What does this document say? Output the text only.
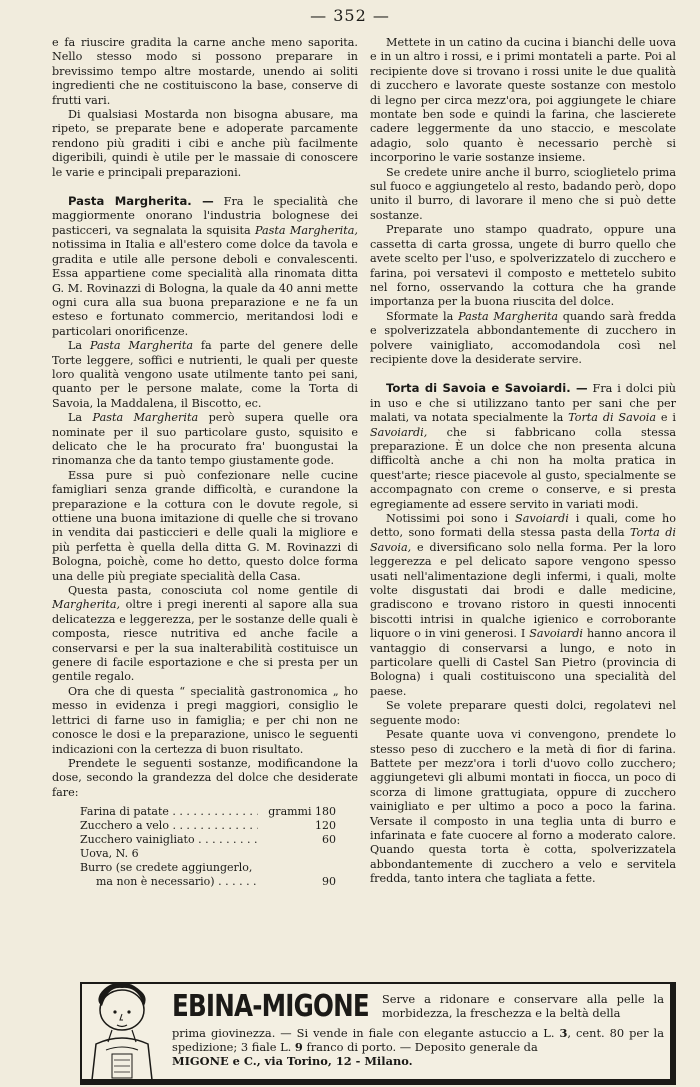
— 352 —

e fa riuscire gradita la carne anche meno saporita. Nello stesso modo si possono preparare in brevissimo tempo altre mostarde, unendo ai soliti ingredienti che ne costituiscono la base, conserve di frutti vari.

Di qualsiasi Mostarda non bisogna abusare, ma ripeto, se preparate bene e adoperate parcamente rendono più graditi i cibi e anche più facilmente digeribili, quindi è utile per le massaie di conoscere le varie e principali preparazioni.

Pasta Margherita. — Fra le specialità che maggiormente onorano l'industria bolognese dei pasticceri, va segnalata la squisita Pasta Margherita, notissima in Italia e all'estero come dolce da tavola e gradita e utile alle persone deboli e convalescenti. Essa appartiene come specialità alla rinomata ditta G. M. Rovinazzi di Bologna, la quale da 40 anni mette ogni cura alla sua buona preparazione e ne fa un esteso e fortunato commercio, meritandosi lodi e particolari onorificenze.

La Pasta Margherita fa parte del genere delle Torte leggere, soffici e nutrienti, le quali per queste loro qualità vengono usate utilmente tanto pei sani, quanto per le persone malate, come la Torta di Savoia, la Maddalena, il Biscotto, ec.

La Pasta Margherita però supera quelle ora nominate per il suo particolare gusto, squisito e delicato che le ha procurato fra' buongustai la rinomanza che da tanto tempo giustamente gode.

Essa pure si può confezionare nelle cucine famigliari senza grande difficoltà, e curandone la preparazione e la cottura con le dovute regole, si ottiene una buona imitazione di quelle che si trovano in vendita dai pasticcieri e delle quali la migliore e più perfetta è quella della ditta G. M. Rovinazzi di Bologna, poichè, come ho detto, questo dolce forma una delle più pregiate specialità della Casa.

Questa pasta, conosciuta col nome gentile di Margherita, oltre i pregi inerenti al sapore alla sua delicatezza e leggerezza, per le sostanze delle quali è composta, riesce nutritiva ed anche facile a conservarsi e per la sua inalterabilità costituisce un genere di facile esportazione e che si presta per un gentile regalo.

Ora che di questa “ specialità gastronomica „ ho messo in evidenza i pregi maggiori, consiglio le lettrici di farne uso in famiglia; e per chi non ne conosce le dosi e la preparazione, unisco le seguenti indicazioni con la certezza di buon risultato.

Prendete le seguenti sostanze, modificandone la dose, secondo la grandezza del dolce che desiderate fare:

Farina di patate . . .	grammi 180
Zucchero a velo . . .	120
Zucchero vainigliato . . .	60
Uova, N. 6
Burro (se credete aggiungerlo,
ma non è necessario) . . .	90

Mettete in un catino da cucina i bianchi delle uova e in un altro i rossi, e i primi montateli a parte. Poi al recipiente dove si trovano i rossi unite le due qualità di zucchero e lavorate queste sostanze con mestolo di legno per circa mezz'ora, poi aggiungete le chiare montate ben sode e quindi la farina, che lascierete cadere leggermente da uno staccio, e mescolate adagio, solo quanto è necessario perchè si incorporino le varie sostanze insieme.

Se credete unire anche il burro, scioglietelo prima sul fuoco e aggiungetelo al resto, badando però, dopo unito il burro, di lavorare il meno che si può dette sostanze.

Preparate uno stampo quadrato, oppure una cassetta di carta grossa, ungete di burro quello che avete scelto per l'uso, e spolverizzatelo di zucchero e farina, poi versatevi il composto e mettetelo subito nel forno, osservando la cottura che ha grande importanza per la buona riuscita del dolce.

Sformate la Pasta Margherita quando sarà fredda e spolverizzatela abbondantemente di zucchero in polvere vainigliato, accomodandola così nel recipiente dove la desiderate servire.

Torta di Savoia e Savoiardi. — Fra i dolci più in uso e che si utilizzano tanto per sani che per malati, va notata specialmente la Torta di Savoia e i Savoiardi, che si fabbricano colla stessa preparazione. È un dolce che non presenta alcuna difficoltà anche a chi non ha molta pratica in quest'arte; riesce piacevole al gusto, specialmente se accompagnato con creme o conserve, e si presta egregiamente ad essere servito in variati modi.

Notissimi poi sono i Savoiardi i quali, come ho detto, sono formati della stessa pasta della Torta di Savoia, e diversificano solo nella forma. Per la loro leggerezza e pel delicato sapore vengono spesso usati nell'alimentazione degli infermi, i quali, molte volte disgustati dai brodi e dalle medicine, gradiscono e trovano ristoro in questi innocenti biscotti intrisi in qualche igienico e corroborante liquore o in vini generosi. I Savoiardi hanno ancora il vantaggio di conservarsi a lungo, e noto in particolare quelli di Castel San Pietro (provincia di Bologna) i quali costituiscono una specialità del paese.

Se volete preparare questi dolci, regolatevi nel seguente modo:

Pesate quante uova vi convengono, prendete lo stesso peso di zucchero e la metà di fior di farina. Battete per mezz'ora i torli d'uovo collo zucchero; aggiungetevi gli albumi montati in fiocca, un poco di scorza di limone grattugiata, oppure di zucchero vainigliato e per ultimo a poco a poco la farina. Versate il composto in una teglia unta di burro e infarinata e fate cuocere al forno a moderato calore. Quando questa torta è cotta, spolverizzatela abbondantemente di zucchero a velo e servitela fredda, tanto intera che tagliata a fette.

EBINA-MIGONE	Serve a ridonare e conservare alla pelle la morbidezza, la freschezza e la beltà della
prima giovinezza. — Si vende in fiale con elegante astuccio a L. 3, cent. 80 per la spedizione; 3 fiale L. 9 franco di porto. — Deposito generale da
MIGONE e C., via Torino, 12 - Milano.
